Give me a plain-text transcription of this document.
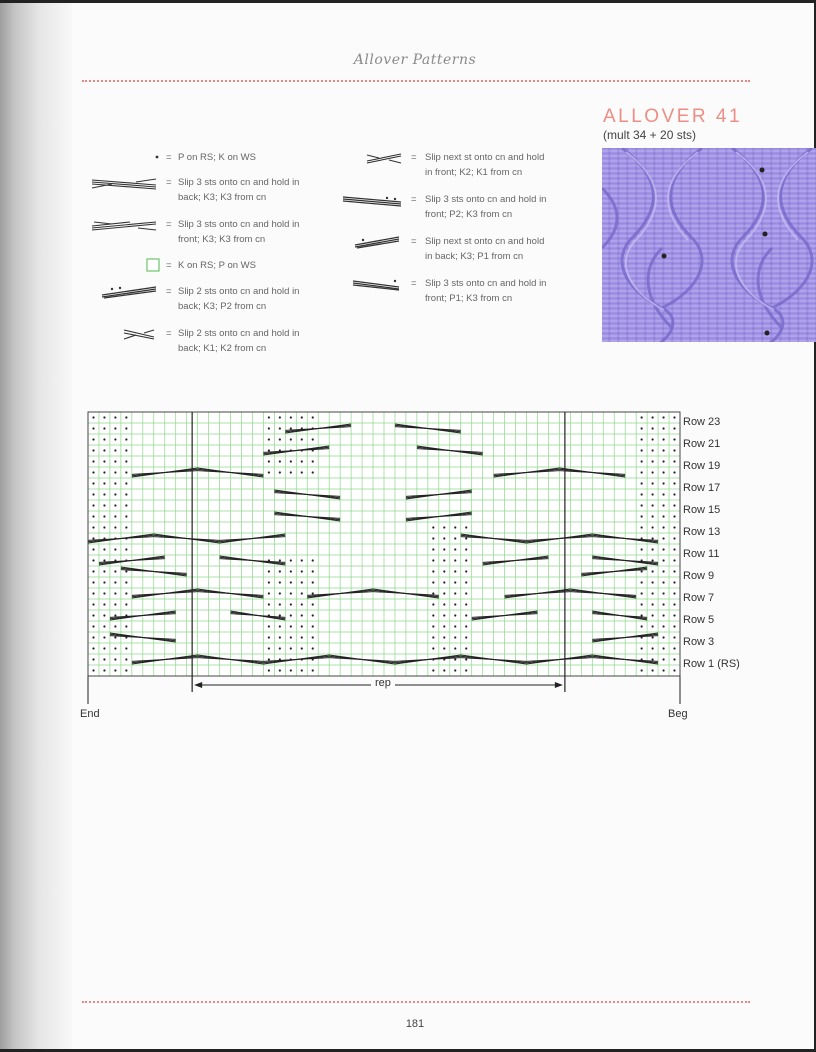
Allover Patterns
ALLOVER 41
(mult 34 + 20 sts)
= P on RS; K on WS
= Slip 3 sts onto cn and hold in
back; K3; K3 from cn
= Slip 3 sts onto cn and hold in
front; K3; K3 from cn
= K on RS; P on WS
= Slip 2 sts onto cn and hold in
back; K3; P2 from cn
= Slip 2 sts onto cn and hold in
back; K1; K2 from cn
= Slip next st onto cn and hold
in front; K2; K1 from cn
= Slip 3 sts onto cn and hold in
front; P2; K3 from cn
= Slip next st onto cn and hold
in back; K3; P1 from cn
= Slip 3 sts onto cn and hold in
front; P1; K3 from cn
Row 23
Row 21
Row 19
Row 17
Row 15
Row 13
Row 11
Row 9
Row 7
Row 5
Row 3
Row 1 (RS)
rep
End	Beg
181
